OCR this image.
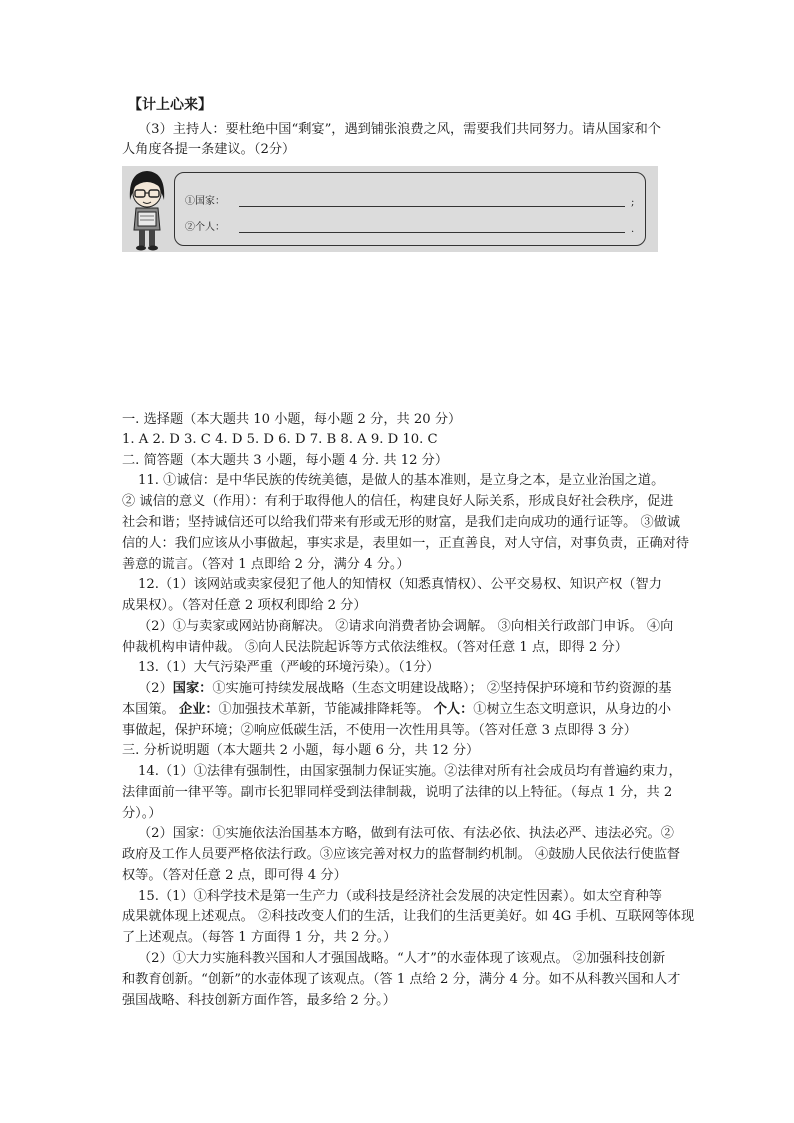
【计上心来】
（3）主持人：要杜绝中国“剩宴”，遇到铺张浪费之风，需要我们共同努力。请从国家和个
人角度各提一条建议。（2分）
①国家：	;
②个人：	.
一. 选择题（本大题共 10 小题，每小题 2 分，共 20 分）
1. A 2. D 3. C 4. D 5. D 6. D 7. B 8. A 9. D 10. C
二. 简答题（本大题共 3 小题，每小题 4 分. 共 12 分）
11. ①诚信：是中华民族的传统美德，是做人的基本准则，是立身之本，是立业治国之道。
② 诚信的意义（作用）：有利于取得他人的信任，构建良好人际关系，形成良好社会秩序，促进
社会和谐；坚持诚信还可以给我们带来有形或无形的财富，是我们走向成功的通行证等。 ③做诚
信的人：我们应该从小事做起，事实求是，表里如一，正直善良，对人守信，对事负责，正确对待
善意的谎言。（答对 1 点即给 2 分，满分 4 分。）
12.（1）该网站或卖家侵犯了他人的知情权（知悉真情权）、公平交易权、知识产权（智力
成果权）。（答对任意 2 项权利即给 2 分）
（2）①与卖家或网站协商解决。 ②请求向消费者协会调解。 ③向相关行政部门申诉。 ④向
仲裁机构申请仲裁。 ⑤向人民法院起诉等方式依法维权。（答对任意 1 点，即得 2 分）
13.（1）大气污染严重（严峻的环境污染）。（1分）
（2）国家：①实施可持续发展战略（生态文明建设战略）； ②坚持保护环境和节约资源的基
本国策。 企业：①加强技术革新，节能减排降耗等。 个人：①树立生态文明意识，从身边的小
事做起，保护环境；②响应低碳生活，不使用一次性用具等。（答对任意 3 点即得 3 分）
三. 分析说明题（本大题共 2 小题，每小题 6 分，共 12 分）
14.（1）①法律有强制性，由国家强制力保证实施。②法律对所有社会成员均有普遍约束力，
法律面前一律平等。副市长犯罪同样受到法律制裁，说明了法律的以上特征。（每点 1 分，共 2
分）。）
（2）国家：①实施依法治国基本方略，做到有法可依、有法必依、执法必严、违法必究。②
政府及工作人员要严格依法行政。③应该完善对权力的监督制约机制。 ④鼓励人民依法行使监督
权等。（答对任意 2 点，即可得 4 分）
15.（1）①科学技术是第一生产力（或科技是经济社会发展的决定性因素）。如太空育种等
成果就体现上述观点。 ②科技改变人们的生活，让我们的生活更美好。如 4G 手机、互联网等体现
了上述观点。（每答 1 方面得 1 分，共 2 分。）
（2）①大力实施科教兴国和人才强国战略。“人才”的水壶体现了该观点。 ②加强科技创新
和教育创新。“创新”的水壶体现了该观点。（答 1 点给 2 分，满分 4 分。如不从科教兴国和人才
强国战略、科技创新方面作答，最多给 2 分。）
